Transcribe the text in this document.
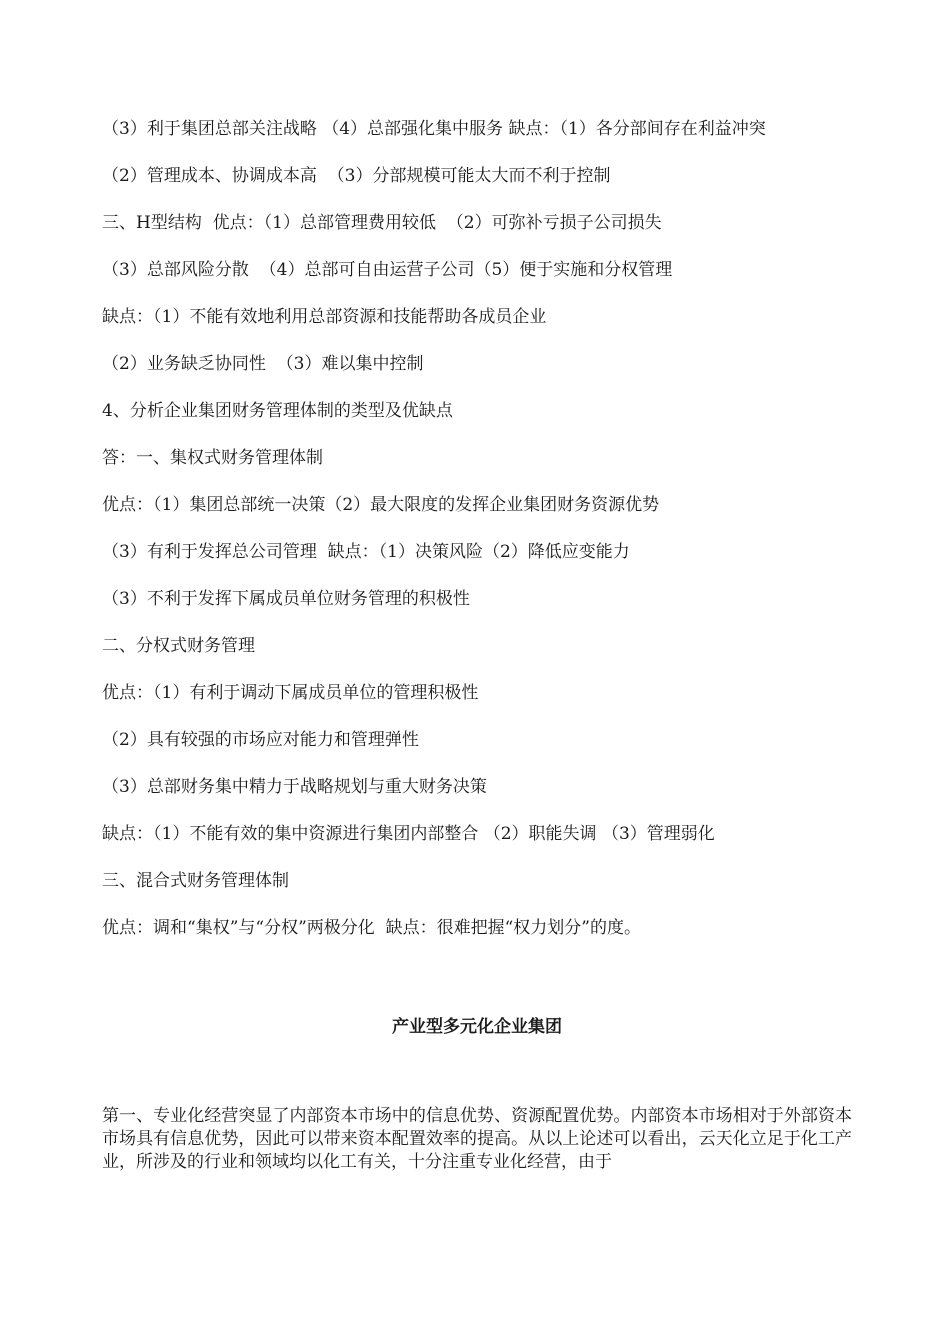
（3）利于集团总部关注战略 （4）总部强化集中服务 缺点：（1）各分部间存在利益冲突

（2）管理成本、协调成本高  （3）分部规模可能太大而不利于控制

三、H型结构  优点：（1）总部管理费用较低  （2）可弥补亏损子公司损失

（3）总部风险分散  （4）总部可自由运营子公司（5）便于实施和分权管理

缺点：（1）不能有效地利用总部资源和技能帮助各成员企业

（2）业务缺乏协同性  （3）难以集中控制

4、分析企业集团财务管理体制的类型及优缺点

答：一、集权式财务管理体制

优点：（1）集团总部统一决策（2）最大限度的发挥企业集团财务资源优势

（3）有利于发挥总公司管理  缺点：（1）决策风险（2）降低应变能力

（3）不利于发挥下属成员单位财务管理的积极性

二、分权式财务管理

优点：（1）有利于调动下属成员单位的管理积极性

（2）具有较强的市场应对能力和管理弹性

（3）总部财务集中精力于战略规划与重大财务决策

缺点：（1）不能有效的集中资源进行集团内部整合 （2）职能失调 （3）管理弱化

三、混合式财务管理体制

优点：调和“集权”与“分权”两极分化  缺点：很难把握“权力划分”的度。

产业型多元化企业集团

第一、专业化经营突显了内部资本市场中的信息优势、资源配置优势。内部资本市场相对于外部资本市场具有信息优势，因此可以带来资本配置效率的提高。从以上论述可以看出，云天化立足于化工产业，所涉及的行业和领域均以化工有关，十分注重专业化经营，由于
